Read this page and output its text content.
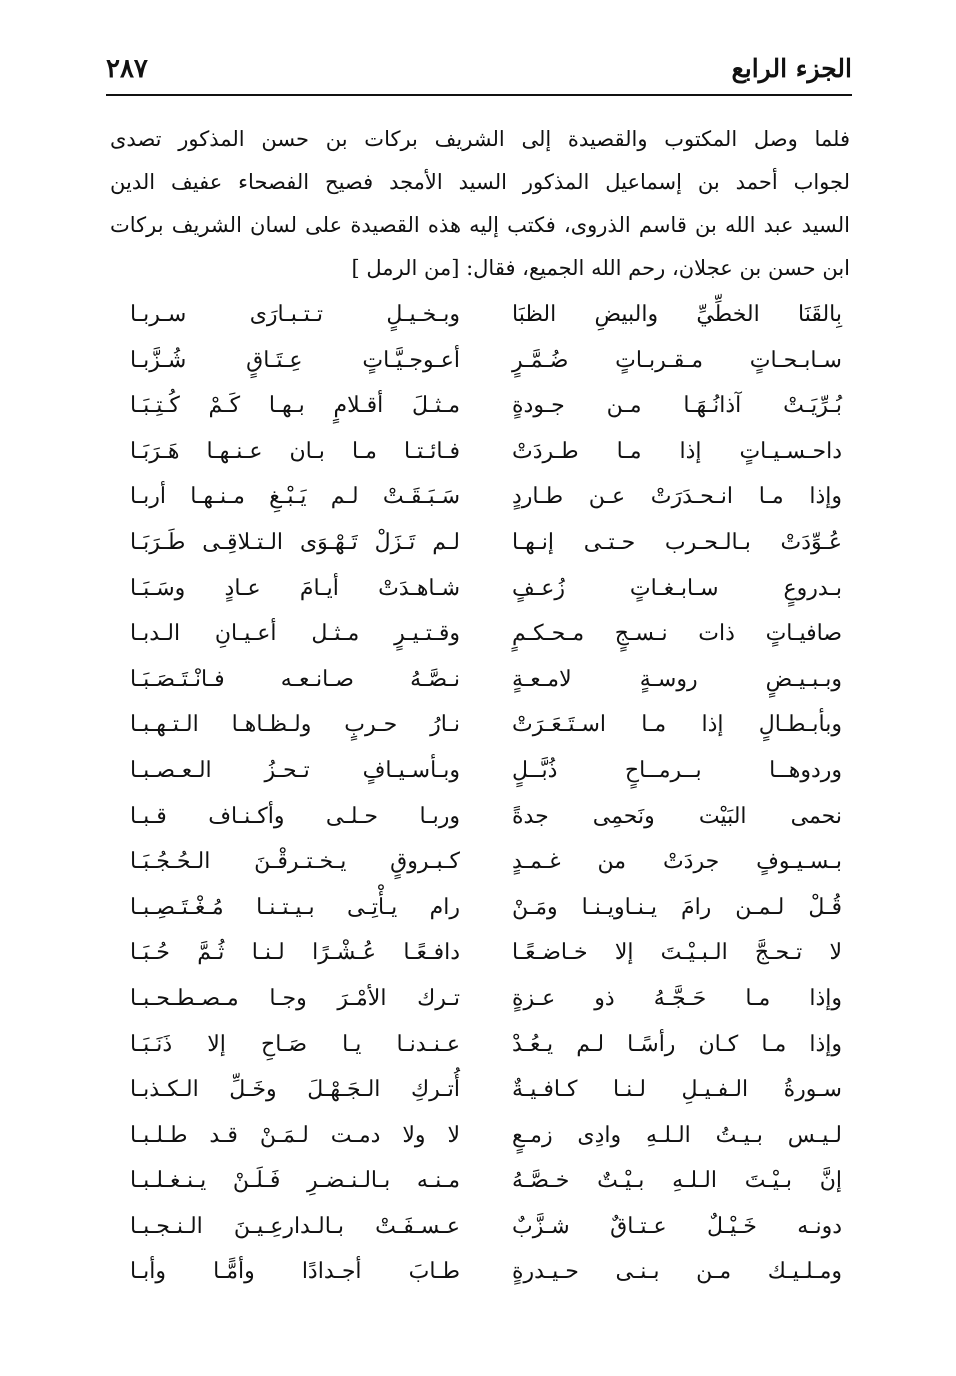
الجزء الرابع
٢٨٧
فلما وصل المكتوب والقصيدة إلى الشريف بركات بن حسن المذكور تصدى
لجواب أحمد بن إسماعيل المذكور السيد الأمجد فصيح الفصحاء عفيف الدين
السيد عبد الله بن قاسم الذروى، فكتب إليه هذه القصيدة على لسان الشريف بركات
ابن حسن بن عجلان، رحم الله الجميع، فقال: [من الرمل ]
بِالقَنَا الخطِّيِّ والبيضِ الظبَا
وبـخـيـلٍ تـتـبـارَى سـربـا
سـابـحـاتٍ مـقـربـاتٍ ضُـمَّـرٍ
أعـوجـيَّـاتٍ عِـتَـاقٍ شُـزَّبـا
بُـرِّيَـتْ آذانُـهَـا مـن جـودةٍ
مـثـلَ أقـلامٍ بـهـا كَـمْ كُـتِـبَـا
داحـسـيـاتٍ إذا مـا طـردَتْ
فـائـتـا مـا بـان عـنـهـا هَـرَبَـا
وإذا مـا انـحـدَرَتْ عـن طـاردٍ
سَـبَـقَـتْ لـم يَـبْـغِ مـنـهـا أربـا
عُـوِّدَتْ بـالـحـرب حـتـى إنـهـا
لـم تَـزَلْ تَـهْـوَى الـتـلاقِـى طَـرَبَـا
بـدروعٍ سـابـغـاتٍ زُعـفٍ
شـاهـدَتْ أيـامَ عـادٍ وسَـبَـا
صافيـاتٍ ذات نـسـجٍ مـحـكـمٍ
وقـتـيـرٍ مـثـل أعـيـانِ الـدبـا
وبـبـيـضٍ روسـةٍ لامـعـةٍ
نـصَّـهُ صـانـعـه فـانْـتَـصَـبَـا
وبأبـطـالٍ إذا مـا اسـتَـعَـرَتْ
نـارُ حـربٍ ولـظـاهـا الـتـهـبـا
وردوهــا بــرمــاحٍ ذُبَّــلٍ
وبـأسـيـافٍ تـحـزُ الـعـصـبـا
نحمى البَيْت ونَحمِى جدةً
وربـا حـلـى وأكـنـاف قـبـا
بـسـيـوفٍ جردَتْ من غـمـدٍ
كـبـروقٍ يـخـتـرقْـنَ الـحُـجُـبَـا
قُـلْ لـمـن رامَ يـنـاويـنـا ومَـنْ
رام يـأْتِـى بـيـتـنـا مُـغْـتَـصِـبـا
لا تـحـجَّ الـبـيْـتَ إلا خـاضـعًـا
دافـعًـا عُـشْـرًا لـنـا ثُـمَّ حُـبَـا
وإذا مـا حَـجَّـهُ ذو عـزةٍ
تـرك الأمْـرَ وجـا مـصـطـحـبـا
وإذا مـا كـان رأسًـا لـم يـعُـدْ
عـنـدنـا يـا صَـاحِ إلا ذَنَـبَـا
سـورةُ الـفـيـلِ لـنـا كـافـيـةٌ
أُتـركِ الـجَـهْـلَ وخَـلِّ الـكـذبـا
لـيـس بـيـتُ الـلـهِ وادِى زمـعٍ
لا ولا دمـت لـمَـنْ قـد طـلـبـا
إنَّ بـيْـتَ الـلـهِ بـيْـتٌ خـصَّـهُ
مـنـه بـالـنـضـرِ فَـلَـنْ يـنـغـلـبـا
دونـه خَـيْـلٌ عـتـاقٌ شـزَّبٌ
عـسـفَـتْ بـالـدارعِـيـنَ الـنـجـبـا
ومـلـيـك مـن بـنـى حـيـدرةٍ
طـابَ أجـدادًا وأمًّـا وأبـا
